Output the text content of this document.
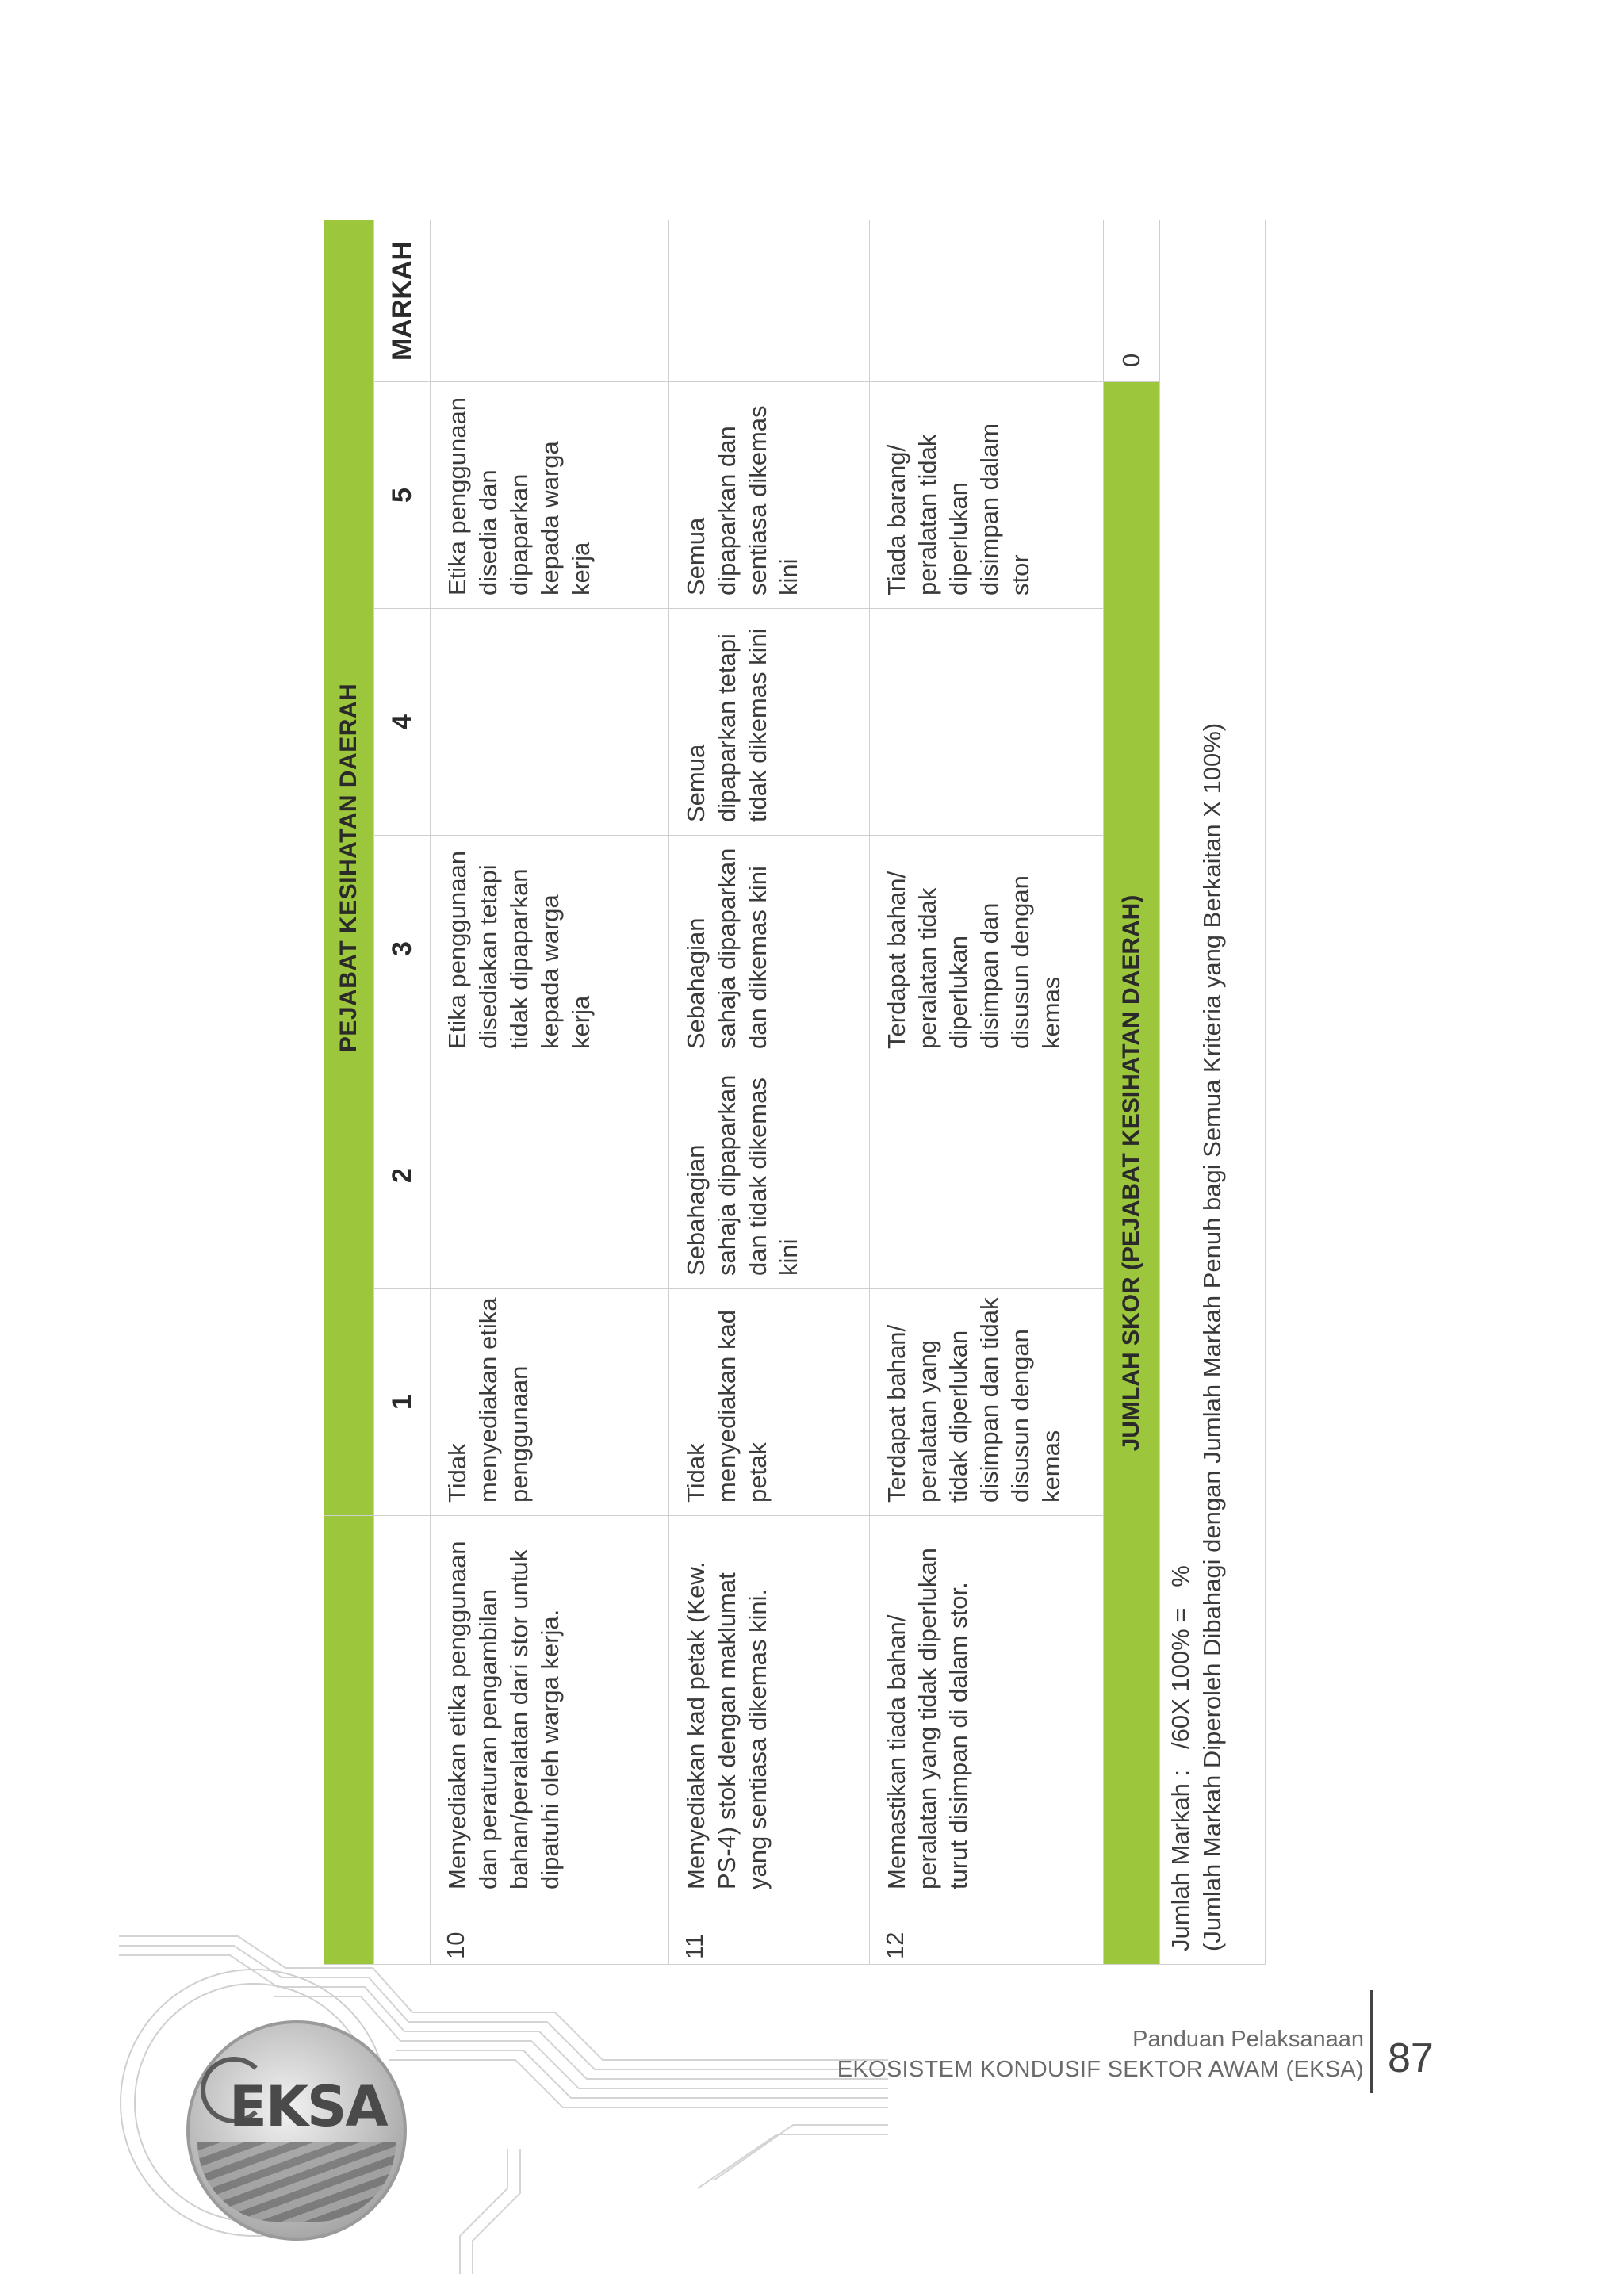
EKSA
		PEJABAT KESIHATAN DAERAH					
		1	2	3	4	5	MARKAH
10	Menyediakan etika penggunaan dan peraturan pengambilan bahan/peralatan dari stor untuk dipatuhi oleh warga kerja.	Tidak menyediakan etika penggunaan		Etika penggunaan disediakan tetapi tidak dipaparkan kepada warga kerja		Etika penggunaan disedia dan dipaparkan kepada warga kerja	
11	Menyediakan kad petak (Kew. PS-4) stok dengan maklumat yang sentiasa dikemas kini.	Tidak menyediakan kad petak	Sebahagian sahaja dipaparkan dan tidak dikemas kini	Sebahagian sahaja dipaparkan dan dikemas kini	Semua dipaparkan tetapi tidak dikemas kini	Semua dipaparkan dan sentiasa dikemas kini	
12	Memastikan tiada bahan/ peralatan yang tidak diperlukan turut disimpan di dalam stor.	Terdapat bahan/ peralatan yang tidak diperlukan disimpan dan tidak disusun dengan kemas		Terdapat bahan/ peralatan tidak diperlukan disimpan dan disusun dengan kemas		Tiada barang/ peralatan tidak diperlukan disimpan dalam stor	
JUMLAH SKOR (PEJABAT KESIHATAN DAERAH)							0

Jumlah Markah :   /60X 100% =   % (Jumlah Markah Diperoleh Dibahagi dengan Jumlah Markah Penuh bagi Semua Kriteria yang Berkaitan X 100%)							
Panduan Pelaksanaan
EKOSISTEM KONDUSIF SEKTOR AWAM (EKSA) 87
